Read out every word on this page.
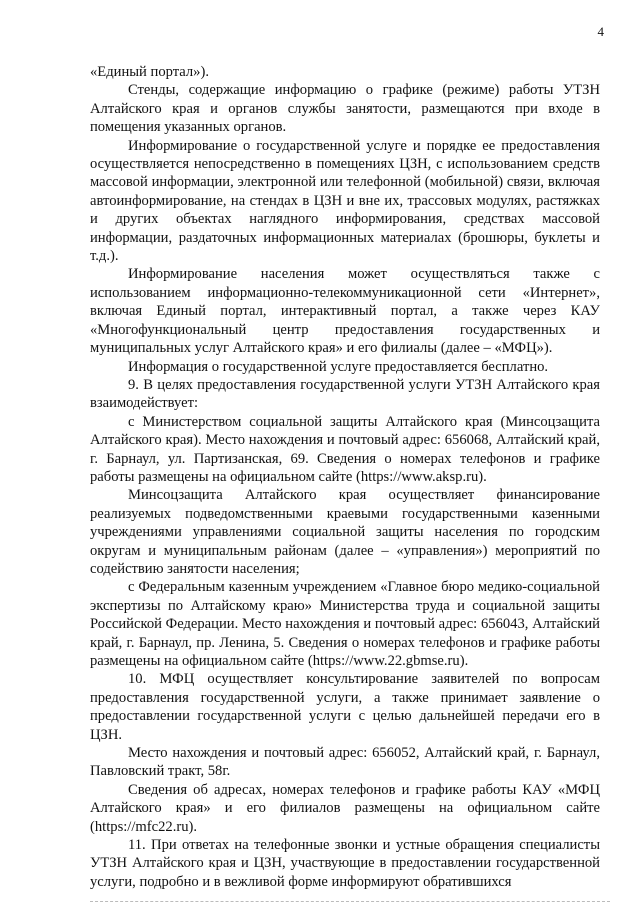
4

«Единый портал»).

Стенды, содержащие информацию о графике (режиме) работы УТЗН Алтайского края и органов службы занятости, размещаются при входе в помещения указанных органов.

Информирование о государственной услуге и порядке ее предоставления осуществляется непосредственно в помещениях ЦЗН, с использованием средств массовой информации, электронной или телефонной (мобильной) связи, включая автоинформирование, на стендах в ЦЗН и вне их, трассовых модулях, растяжках и других объектах наглядного информирования, средствах массовой информации, раздаточных информационных материалах (брошюры, буклеты и т.д.).

Информирование населения может осуществляться также с использованием информационно-телекоммуникационной сети «Интернет», включая Единый портал, интерактивный портал, а также через КАУ «Многофункциональный центр предоставления государственных и муниципальных услуг Алтайского края» и его филиалы (далее – «МФЦ»).

Информация о государственной услуге предоставляется бесплатно.

9. В целях предоставления государственной услуги УТЗН Алтайского края взаимодействует:

с Министерством социальной защиты Алтайского края (Минсоцзащита Алтайского края). Место нахождения и почтовый адрес: 656068, Алтайский край, г. Барнаул, ул. Партизанская, 69. Сведения о номерах телефонов и графике работы размещены на официальном сайте (https://www.aksp.ru).

Минсоцзащита Алтайского края осуществляет финансирование реализуемых подведомственными краевыми государственными казенными учреждениями управлениями социальной защиты населения по городским округам и муниципальным районам (далее – «управления») мероприятий по содействию занятости населения;

с Федеральным казенным учреждением «Главное бюро медико-социальной экспертизы по Алтайскому краю» Министерства труда и социальной защиты Российской Федерации. Место нахождения и почтовый адрес: 656043, Алтайский край, г. Барнаул, пр. Ленина, 5. Сведения о номерах телефонов и графике работы размещены на официальном сайте (https://www.22.gbmse.ru).

10. МФЦ осуществляет консультирование заявителей по вопросам предоставления государственной услуги, а также принимает заявление о предоставлении государственной услуги с целью дальнейшей передачи его в ЦЗН.

Место нахождения и почтовый адрес: 656052, Алтайский край, г. Барнаул, Павловский тракт, 58г.

Сведения об адресах, номерах телефонов и графике работы КАУ «МФЦ Алтайского края» и его филиалов размещены на официальном сайте (https://mfc22.ru).

11. При ответах на телефонные звонки и устные обращения специалисты УТЗН Алтайского края и ЦЗН, участвующие в предоставлении государственной услуги, подробно и в вежливой форме информируют обратившихся
